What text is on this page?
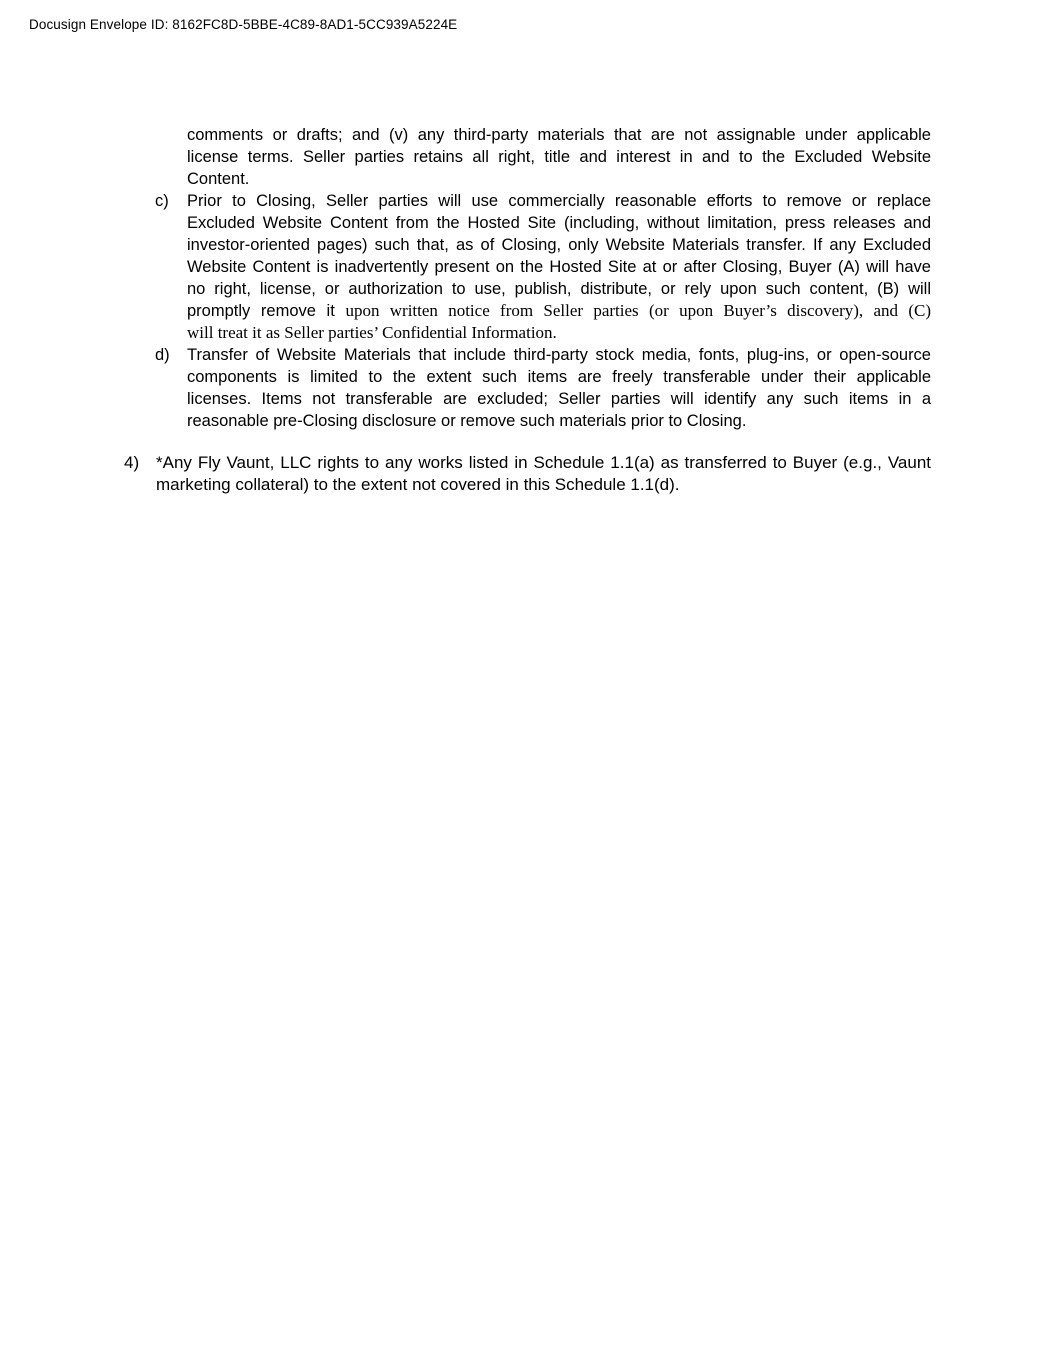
Docusign Envelope ID: 8162FC8D-5BBE-4C89-8AD1-5CC939A5224E
comments or drafts; and (v) any third-party materials that are not assignable under applicable
license terms. Seller parties retains all right, title and interest in and to the Excluded Website
Content.
c) Prior to Closing, Seller parties will use commercially reasonable efforts to remove or replace
Excluded Website Content from the Hosted Site (including, without limitation, press releases and
investor-oriented pages) such that, as of Closing, only Website Materials transfer. If any Excluded
Website Content is inadvertently present on the Hosted Site at or after Closing, Buyer (A) will have
no right, license, or authorization to use, publish, distribute, or rely upon such content, (B) will
promptly remove it upon written notice from Seller parties (or upon Buyer’s discovery), and (C)
will treat it as Seller parties’ Confidential Information.
d) Transfer of Website Materials that include third-party stock media, fonts, plug-ins, or open-source
components is limited to the extent such items are freely transferable under their applicable
licenses. Items not transferable are excluded; Seller parties will identify any such items in a
reasonable pre-Closing disclosure or remove such materials prior to Closing.
4) *Any Fly Vaunt, LLC rights to any works listed in Schedule 1.1(a) as transferred to Buyer (e.g., Vaunt
marketing collateral) to the extent not covered in this Schedule 1.1(d).
